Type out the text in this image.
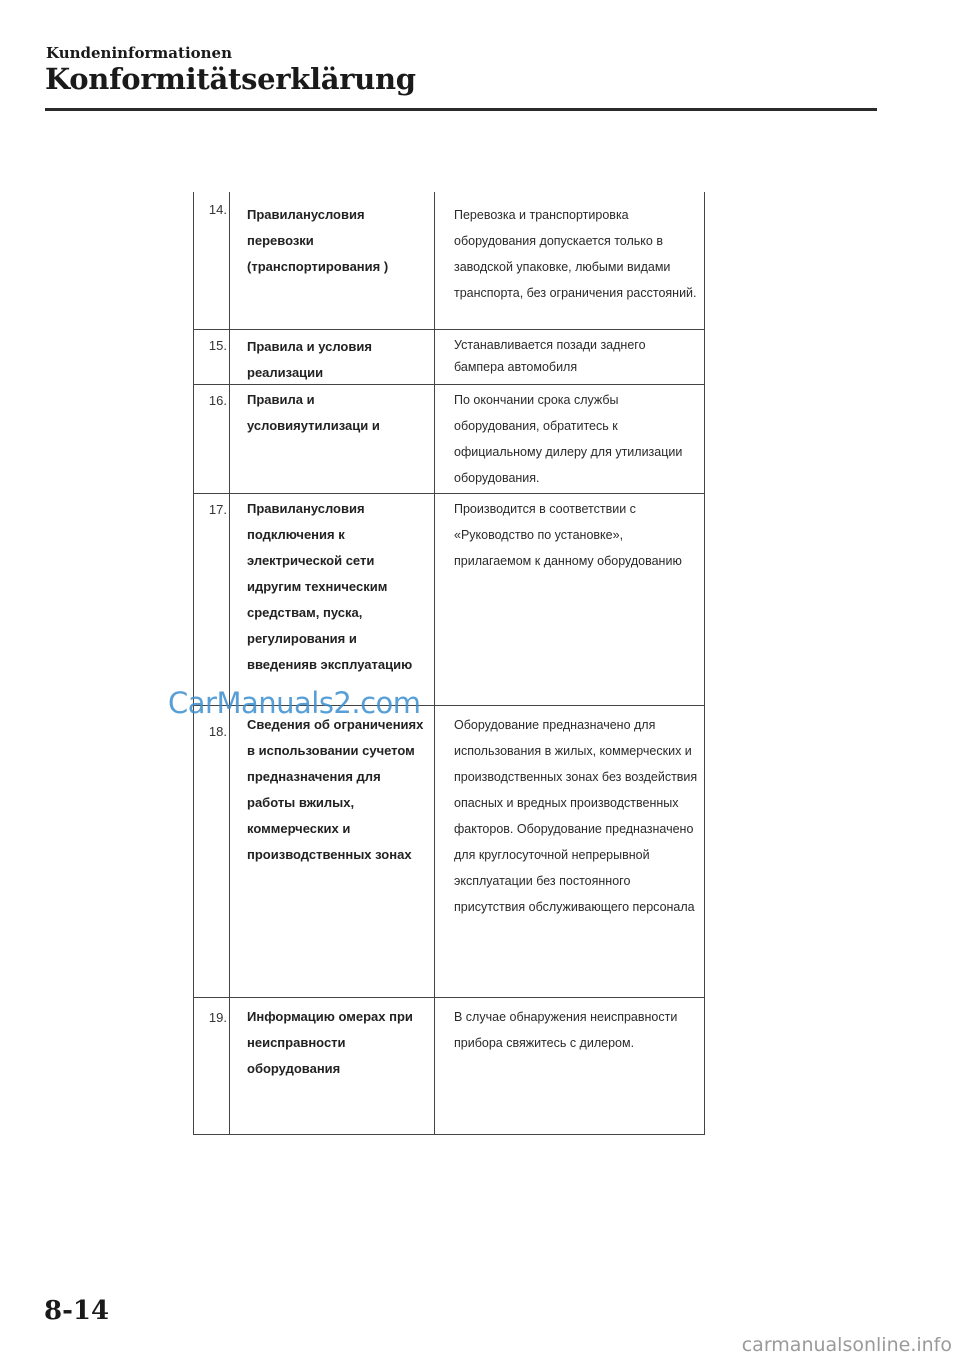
Kundeninformationen
Konformitätserklärung
14. Правиланусловия перевозки (транспортирования )
Перевозка и транспортировка оборудования допускается только в заводской упаковке, любыми видами транспорта, без ограничения расстояний.
15. Правила и условия реализации
Устанавливается позади заднего бампера автомобиля
16. Правила и условияутилизаци и
По окончании срока службы оборудования, обратитесь к официальному дилеру для утилизации оборудования.
17. Правиланусловия подключения к электрической сети идругим техническим средствам, пуска, регулирования и введенияв эксплуатацию
Производится в соответствии с «Руководство по установке», прилагаемом к данному оборудованию
18. Сведения об ограничениях в использовании сучетом предназначения для работы вжилых, коммерческих и производственных зонах
Оборудование предназначено для использования в жилых, коммерческих и производственных зонах без воздействия опасных и вредных производственных факторов. Оборудование предназначено для круглосуточной непрерывной эксплуатации без постоянного присутствия обслуживающего персонала
19. Информацию омерах при неисправности оборудования
В случае обнаружения неисправности прибора свяжитесь с дилером.
CarManuals2.com
8-14
carmanualsonline.info
